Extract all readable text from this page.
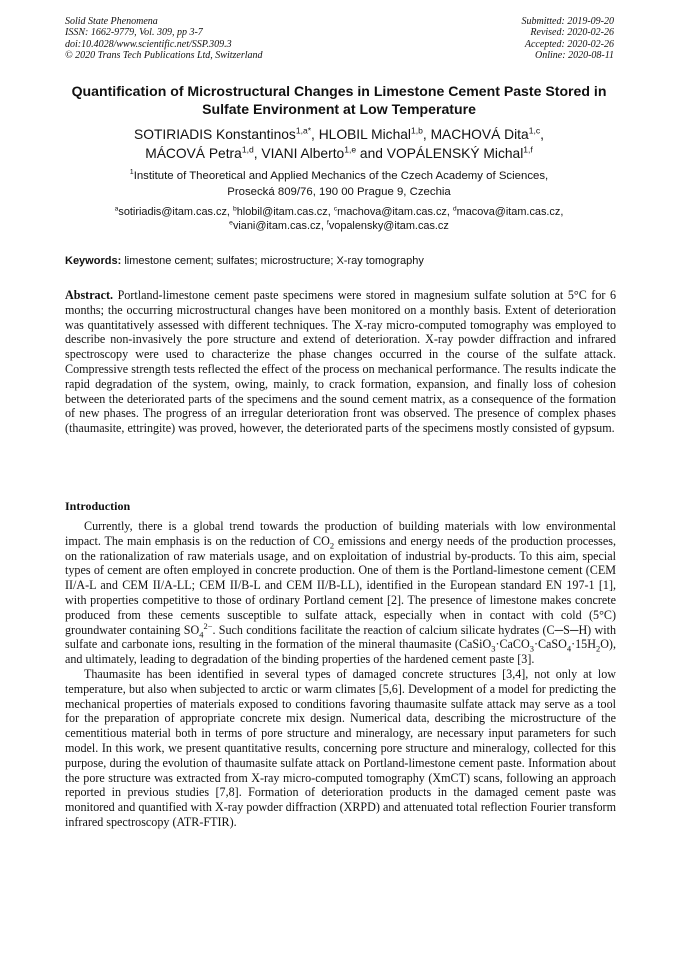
Solid State Phenomena
ISSN: 1662-9779, Vol. 309, pp 3-7
doi:10.4028/www.scientific.net/SSP.309.3
© 2020 Trans Tech Publications Ltd, Switzerland
Submitted: 2019-09-20
Revised: 2020-02-26
Accepted: 2020-02-26
Online: 2020-08-11
Quantification of Microstructural Changes in Limestone Cement Paste Stored in Sulfate Environment at Low Temperature
SOTIRIADIS Konstantinos$^{1,a*}$, HLOBIL Michal$^{1,b}$, MACHOVÁ Dita$^{1,c}$,
MÁCOVÁ Petra$^{1,d}$, VIANI Alberto$^{1,e}$ and VOPÁLENSKÝ Michal$^{1,f}$
$^1$Institute of Theoretical and Applied Mechanics of the Czech Academy of Sciences,
Prosecká 809/76, 190 00 Prague 9, Czechia
$^a$sotiriadis@itam.cas.cz, $^b$hlobil@itam.cas.cz, $^c$machova@itam.cas.cz, $^d$macova@itam.cas.cz,
$^e$viani@itam.cas.cz, $^f$vopalensky@itam.cas.cz
Keywords: limestone cement; sulfates; microstructure; X-ray tomography
Abstract. Portland-limestone cement paste specimens were stored in magnesium sulfate solution at 5°C for 6 months; the occurring microstructural changes have been monitored on a monthly basis. Extent of deterioration was quantitatively assessed with different techniques. The X-ray micro-computed tomography was employed to describe non-invasively the pore structure and extend of deterioration. X-ray powder diffraction and infrared spectroscopy were used to characterize the phase changes occurred in the course of the sulfate attack. Compressive strength tests reflected the effect of the process on mechanical performance. The results indicate the rapid degradation of the system, owing, mainly, to crack formation, expansion, and finally loss of cohesion between the deteriorated parts of the specimens and the sound cement matrix, as a consequence of the formation of new phases. The progress of an irregular deterioration front was observed. The presence of complex phases (thaumasite, ettringite) was proved, however, the deteriorated parts of the specimens mostly consisted of gypsum.
Introduction

Currently, there is a global trend towards the production of building materials with low environmental impact. The main emphasis is on the reduction of $CO_2$ emissions and energy needs of the production processes, on the rationalization of raw materials usage, and on exploitation of industrial by-products. To this aim, special types of cement are often employed in concrete production. One of them is the Portland-limestone cement (CEM II/A-L and CEM II/A-LL; CEM II/B-L and CEM II/B-LL), identified in the European standard EN 197-1 [1], with properties competitive to those of ordinary Portland cement [2]. The presence of limestone makes concrete produced from these cements susceptible to sulfate attack, especially when in contact with cold (5°C) groundwater containing $SO_4^{2-}$. Such conditions facilitate the reaction of calcium silicate hydrates (C─S─H) with sulfate and carbonate ions, resulting in the formation of the mineral thaumasite $(CaSiO_3\cdot CaCO_3\cdot CaSO_4\cdot 15H_2O)$, and ultimately, leading to degradation of the binding properties of the hardened cement paste [3].

Thaumasite has been identified in several types of damaged concrete structures [3,4], not only at low temperature, but also when subjected to arctic or warm climates [5,6]. Development of a model for predicting the mechanical properties of materials exposed to conditions favoring thaumasite sulfate attack may serve as a tool for the preparation of appropriate concrete mix design. Numerical data, describing the microstructure of the cementitious material both in terms of pore structure and mineralogy, are necessary input parameters for such model. In this work, we present quantitative results, concerning pore structure and mineralogy, collected for this purpose, during the evolution of thaumasite sulfate attack on Portland-limestone cement paste. Information about the pore structure was extracted from X-ray micro-computed tomography (XmCT) scans, following an approach reported in previous studies [7,8]. Formation of deterioration products in the damaged cement paste was monitored and quantified with X-ray powder diffraction (XRPD) and attenuated total reflection Fourier transform infrared spectroscopy (ATR-FTIR).
